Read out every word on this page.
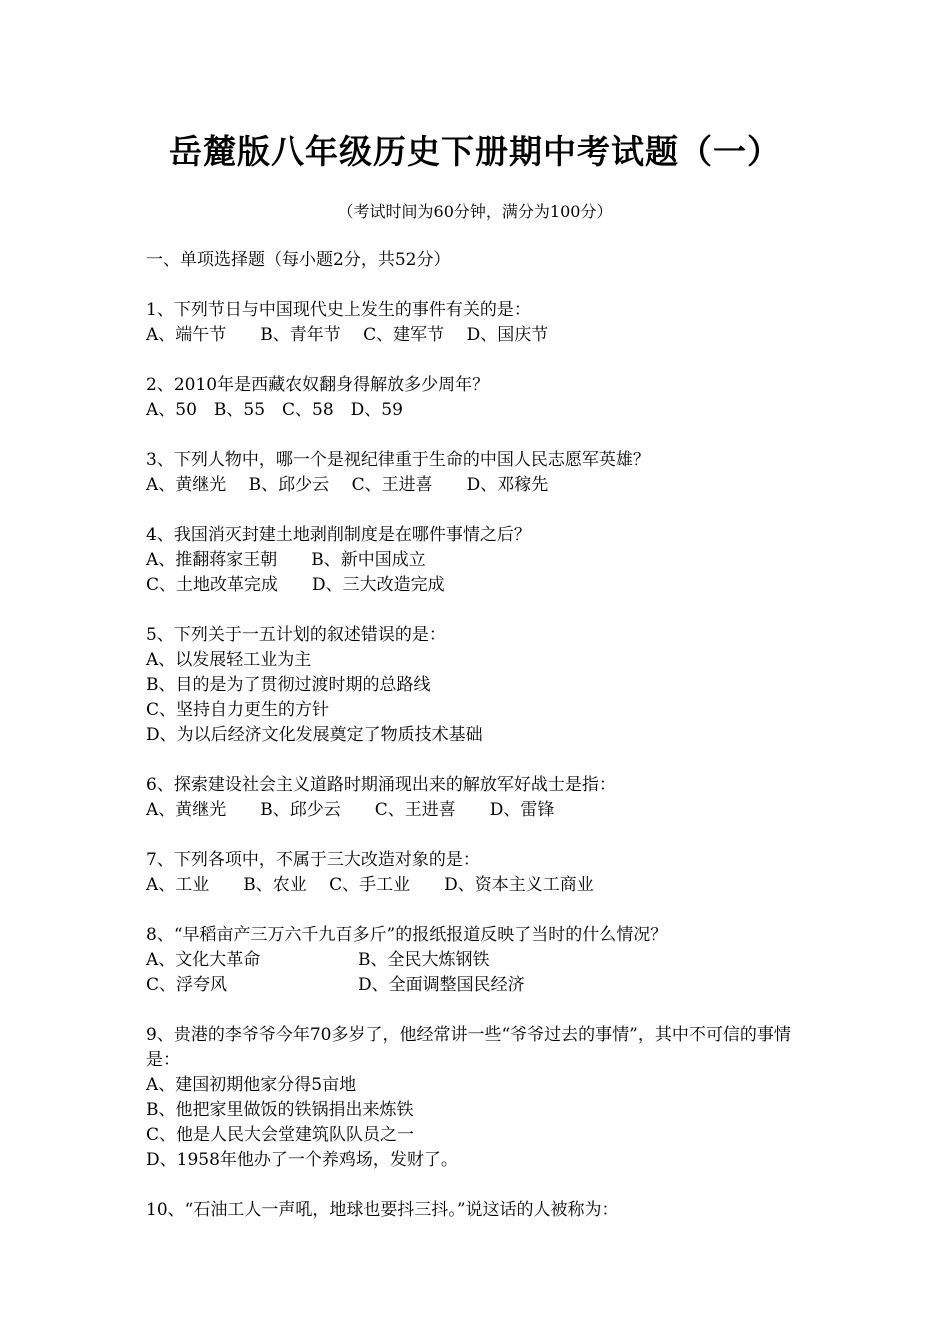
岳麓版八年级历史下册期中考试题（一）
（考试时间为60分钟，满分为100分）
一、单项选择题（每小题2分，共52分）
1、下列节日与中国现代史上发生的事件有关的是：
A、端午节　　B、青年节　 C、建军节　 D、国庆节
2、2010年是西藏农奴翻身得解放多少周年？
A、50　B、55　C、58　D、59
3、下列人物中，哪一个是视纪律重于生命的中国人民志愿军英雄？
A、黄继光　 B、邱少云　 C、王进喜　　D、邓稼先
4、我国消灭封建土地剥削制度是在哪件事情之后？
A、推翻蒋家王朝　　B、新中国成立
C、土地改革完成　　D、三大改造完成
5、下列关于一五计划的叙述错误的是：
A、以发展轻工业为主
B、目的是为了贯彻过渡时期的总路线
C、坚持自力更生的方针
D、为以后经济文化发展奠定了物质技术基础
6、探索建设社会主义道路时期涌现出来的解放军好战士是指：
A、黄继光　　B、邱少云　　C、王进喜　　D、雷锋
7、下列各项中，不属于三大改造对象的是：
A、工业　　B、农业　 C、手工业　　D、资本主义工商业
8、“早稻亩产三万六千九百多斤”的报纸报道反映了当时的什么情况？
A、文化大革命	B、全民大炼钢铁
C、浮夸风	D、全面调整国民经济
9、贵港的李爷爷今年70多岁了，他经常讲一些“爷爷过去的事情”，其中不可信的事情是：
A、建国初期他家分得5亩地
B、他把家里做饭的铁锅捐出来炼铁
C、他是人民大会堂建筑队队员之一
D、1958年他办了一个养鸡场，发财了。
10、“石油工人一声吼，地球也要抖三抖。”说这话的人被称为：
